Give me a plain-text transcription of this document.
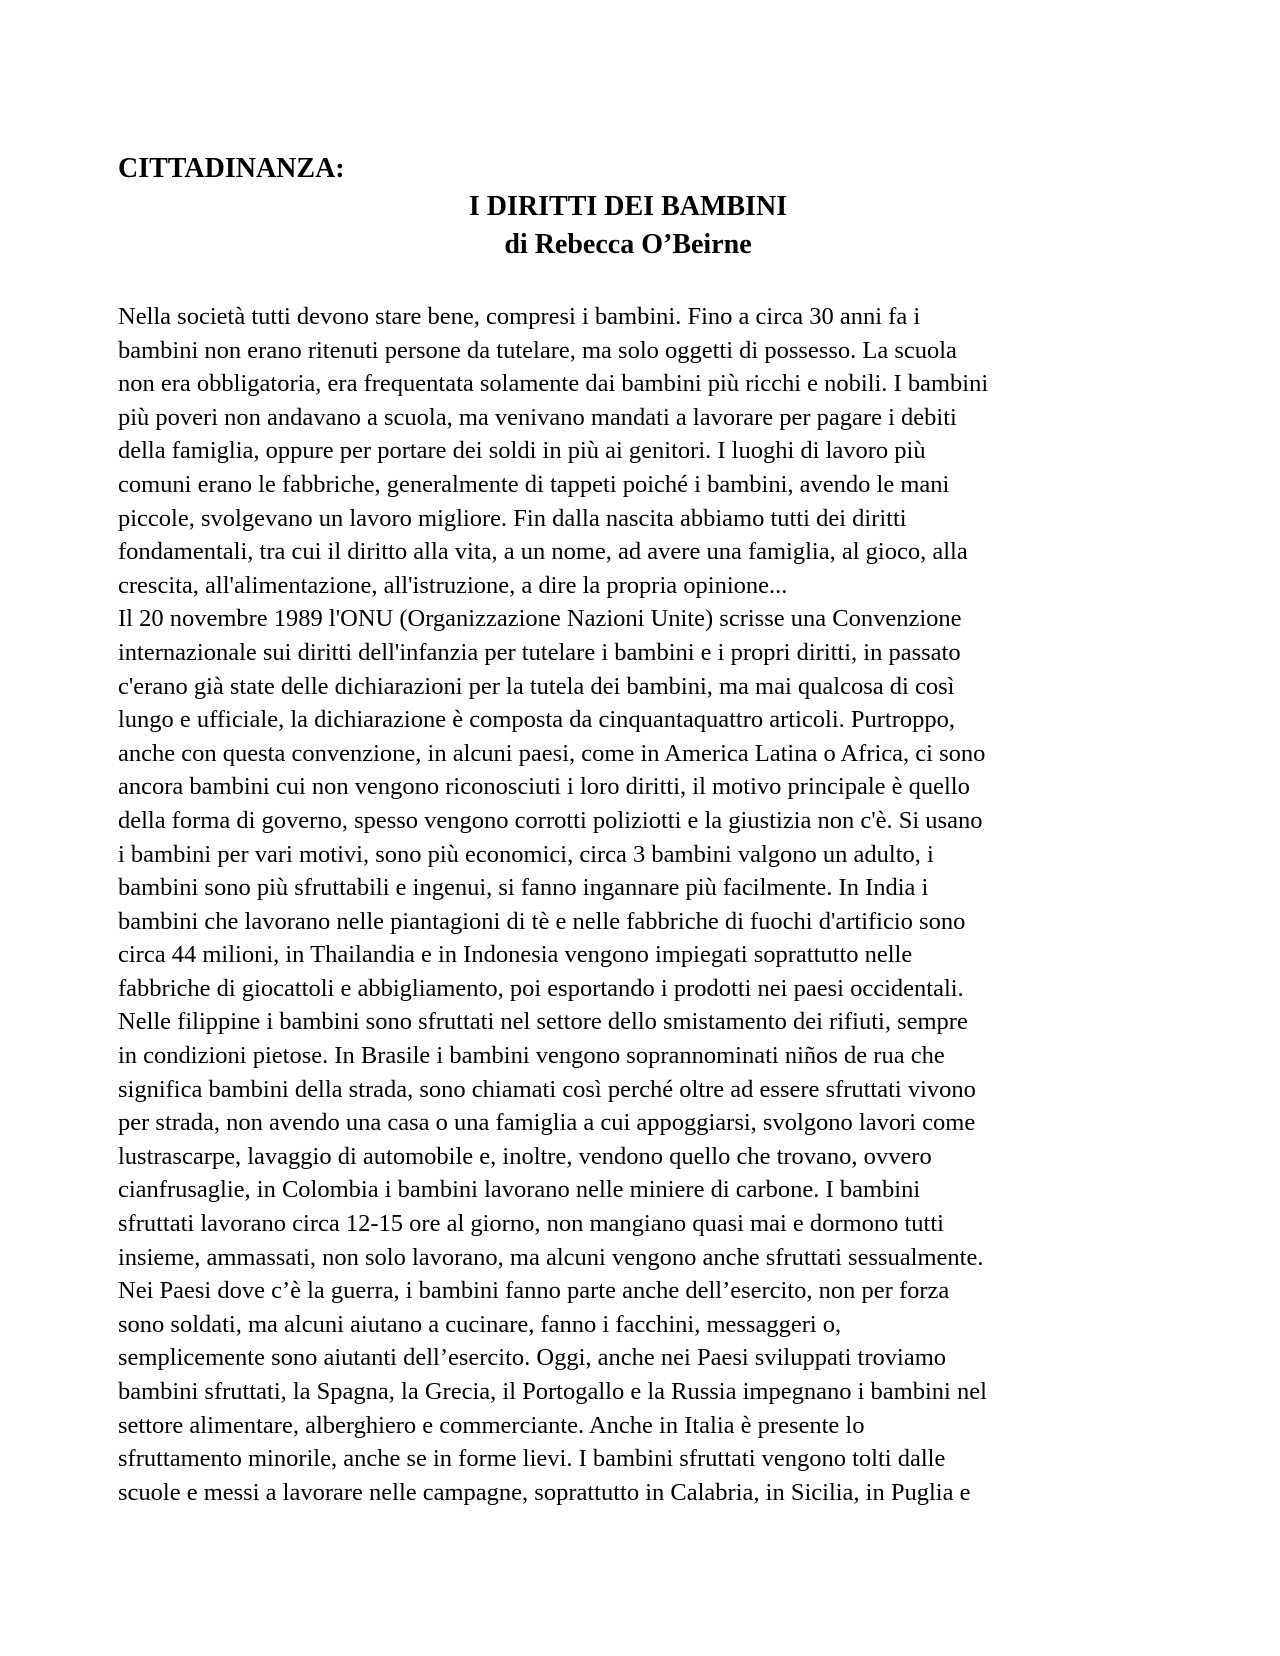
CITTADINANZA:
I DIRITTI DEI BAMBINI
di Rebecca O’Beirne
Nella società tutti devono stare bene, compresi i bambini. Fino a circa 30 anni fa i
bambini non erano ritenuti persone da tutelare, ma solo oggetti di possesso. La scuola
non era obbligatoria, era frequentata solamente dai bambini più ricchi e nobili. I bambini
più poveri non andavano a scuola, ma venivano mandati a lavorare per pagare i debiti
della famiglia, oppure per portare dei soldi in più ai genitori. I luoghi di lavoro più
comuni erano le fabbriche, generalmente di tappeti poiché i bambini, avendo le mani
piccole, svolgevano un lavoro migliore. Fin dalla nascita abbiamo tutti dei diritti
fondamentali, tra cui il diritto alla vita, a un nome, ad avere una famiglia, al gioco, alla
crescita, all'alimentazione, all'istruzione, a dire la propria opinione...
Il 20 novembre 1989 l'ONU (Organizzazione Nazioni Unite) scrisse una Convenzione
internazionale sui diritti dell'infanzia per tutelare i bambini e i propri diritti, in passato
c'erano già state delle dichiarazioni per la tutela dei bambini, ma mai qualcosa di così
lungo e ufficiale, la dichiarazione è composta da cinquantaquattro articoli. Purtroppo,
anche con questa convenzione, in alcuni paesi, come in America Latina o Africa, ci sono
ancora bambini cui non vengono riconosciuti i loro diritti, il motivo principale è quello
della forma di governo, spesso vengono corrotti poliziotti e la giustizia non c'è. Si usano
i bambini per vari motivi, sono più economici, circa 3 bambini valgono un adulto, i
bambini sono più sfruttabili e ingenui, si fanno ingannare più facilmente. In India i
bambini che lavorano nelle piantagioni di tè e nelle fabbriche di fuochi d'artificio sono
circa 44 milioni, in Thailandia e in Indonesia vengono impiegati soprattutto nelle
fabbriche di giocattoli e abbigliamento, poi esportando i prodotti nei paesi occidentali.
Nelle filippine i bambini sono sfruttati nel settore dello smistamento dei rifiuti, sempre
in condizioni pietose. In Brasile i bambini vengono soprannominati niños de rua che
significa bambini della strada, sono chiamati così perché oltre ad essere sfruttati vivono
per strada, non avendo una casa o una famiglia a cui appoggiarsi, svolgono lavori come
lustrascarpe, lavaggio di automobile e, inoltre, vendono quello che trovano, ovvero
cianfrusaglie, in Colombia i bambini lavorano nelle miniere di carbone. I bambini
sfruttati lavorano circa 12-15 ore al giorno, non mangiano quasi mai e dormono tutti
insieme, ammassati, non solo lavorano, ma alcuni vengono anche sfruttati sessualmente.
Nei Paesi dove c’è la guerra, i bambini fanno parte anche dell’esercito, non per forza
sono soldati, ma alcuni aiutano a cucinare, fanno i facchini, messaggeri o,
semplicemente sono aiutanti dell’esercito. Oggi, anche nei Paesi sviluppati troviamo
bambini sfruttati, la Spagna, la Grecia, il Portogallo e la Russia impegnano i bambini nel
settore alimentare, alberghiero e commerciante. Anche in Italia è presente lo
sfruttamento minorile, anche se in forme lievi. I bambini sfruttati vengono tolti dalle
scuole e messi a lavorare nelle campagne, soprattutto in Calabria, in Sicilia, in Puglia e
